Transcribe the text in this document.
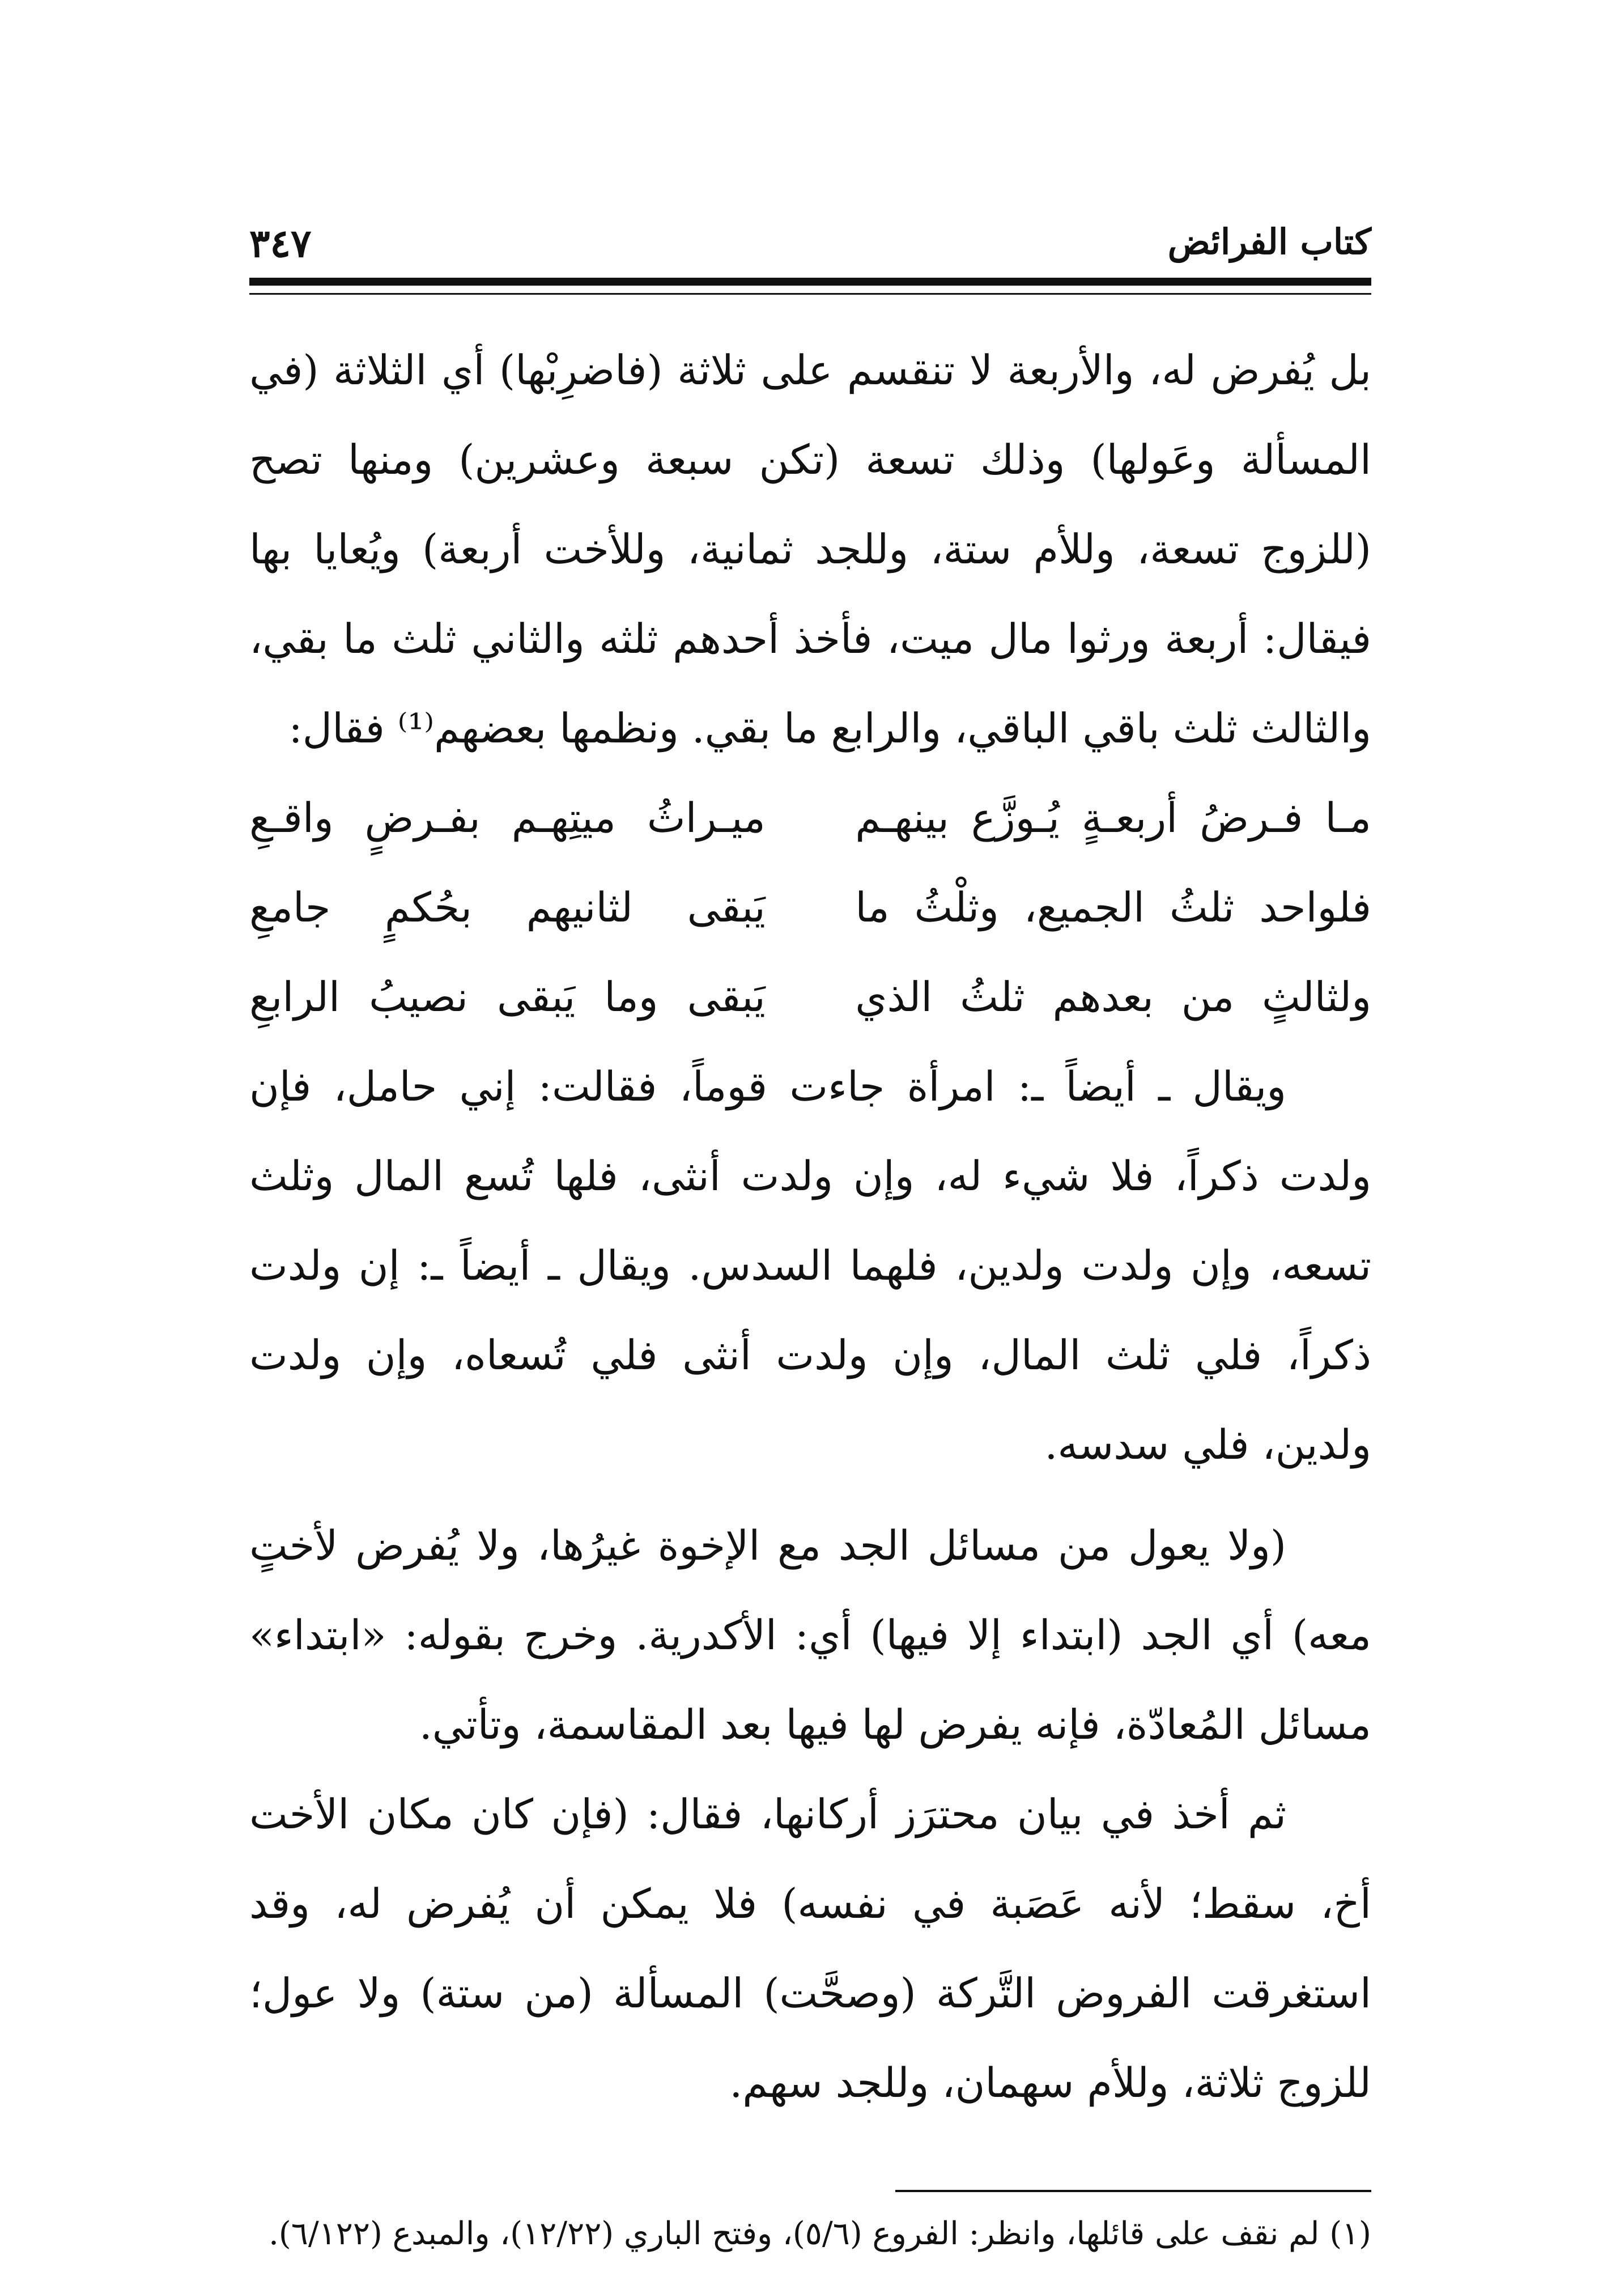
كتاب الفرائض
٣٤٧

بل يُفرض له، والأربعة لا تنقسم على ثلاثة (فاضرِبْها) أي الثلاثة (في المسألة وعَولها) وذلك تسعة (تكن سبعة وعشرين) ومنها تصح (للزوج تسعة، وللأم ستة، وللجد ثمانية، وللأخت أربعة) ويُعايا بها فيقال: أربعة ورثوا مال ميت، فأخذ أحدهم ثلثه والثاني ثلث ما بقي، والثالث ثلث باقي الباقي، والرابع ما بقي. ونظمها بعضهم⁽¹⁾ فقال:

مـا فـرضُ أربعـةٍ يُـوزَّع بينهـم
ميـراثُ ميتِهـم بفـرضٍ واقـعِ
فلواحد ثلثُ الجميع، وثلْثُ ما
يَبقى لثانيهم بحُكمٍ جامعِ
ولثالثٍ من بعدهم ثلثُ الذي
يَبقى وما يَبقى نصيبُ الرابعِ

ويقال ـ أيضاً ـ: امرأة جاءت قوماً، فقالت: إني حامل، فإن ولدت ذكراً، فلا شيء له، وإن ولدت أنثى، فلها تُسع المال وثلث تسعه، وإن ولدت ولدين، فلهما السدس. ويقال ـ أيضاً ـ: إن ولدت ذكراً، فلي ثلث المال، وإن ولدت أنثى فلي تُسعاه، وإن ولدت ولدين، فلي سدسه.

(ولا يعول من مسائل الجد مع الإخوة غيرُها، ولا يُفرض لأختٍ معه) أي الجد (ابتداء إلا فيها) أي: الأكدرية. وخرج بقوله: «ابتداء» مسائل المُعادّة، فإنه يفرض لها فيها بعد المقاسمة، وتأتي.

ثم أخذ في بيان محترَز أركانها، فقال: (فإن كان مكان الأخت أخ، سقط؛ لأنه عَصَبة في نفسه) فلا يمكن أن يُفرض له، وقد استغرقت الفروض التَّركة (وصحَّت) المسألة (من ستة) ولا عول؛ للزوج ثلاثة، وللأم سهمان، وللجد سهم.

(١) لم نقف على قائلها، وانظر: الفروع (٥/٦)، وفتح الباري (١٢/٢٢)، والمبدع (٦/١٢٢).
